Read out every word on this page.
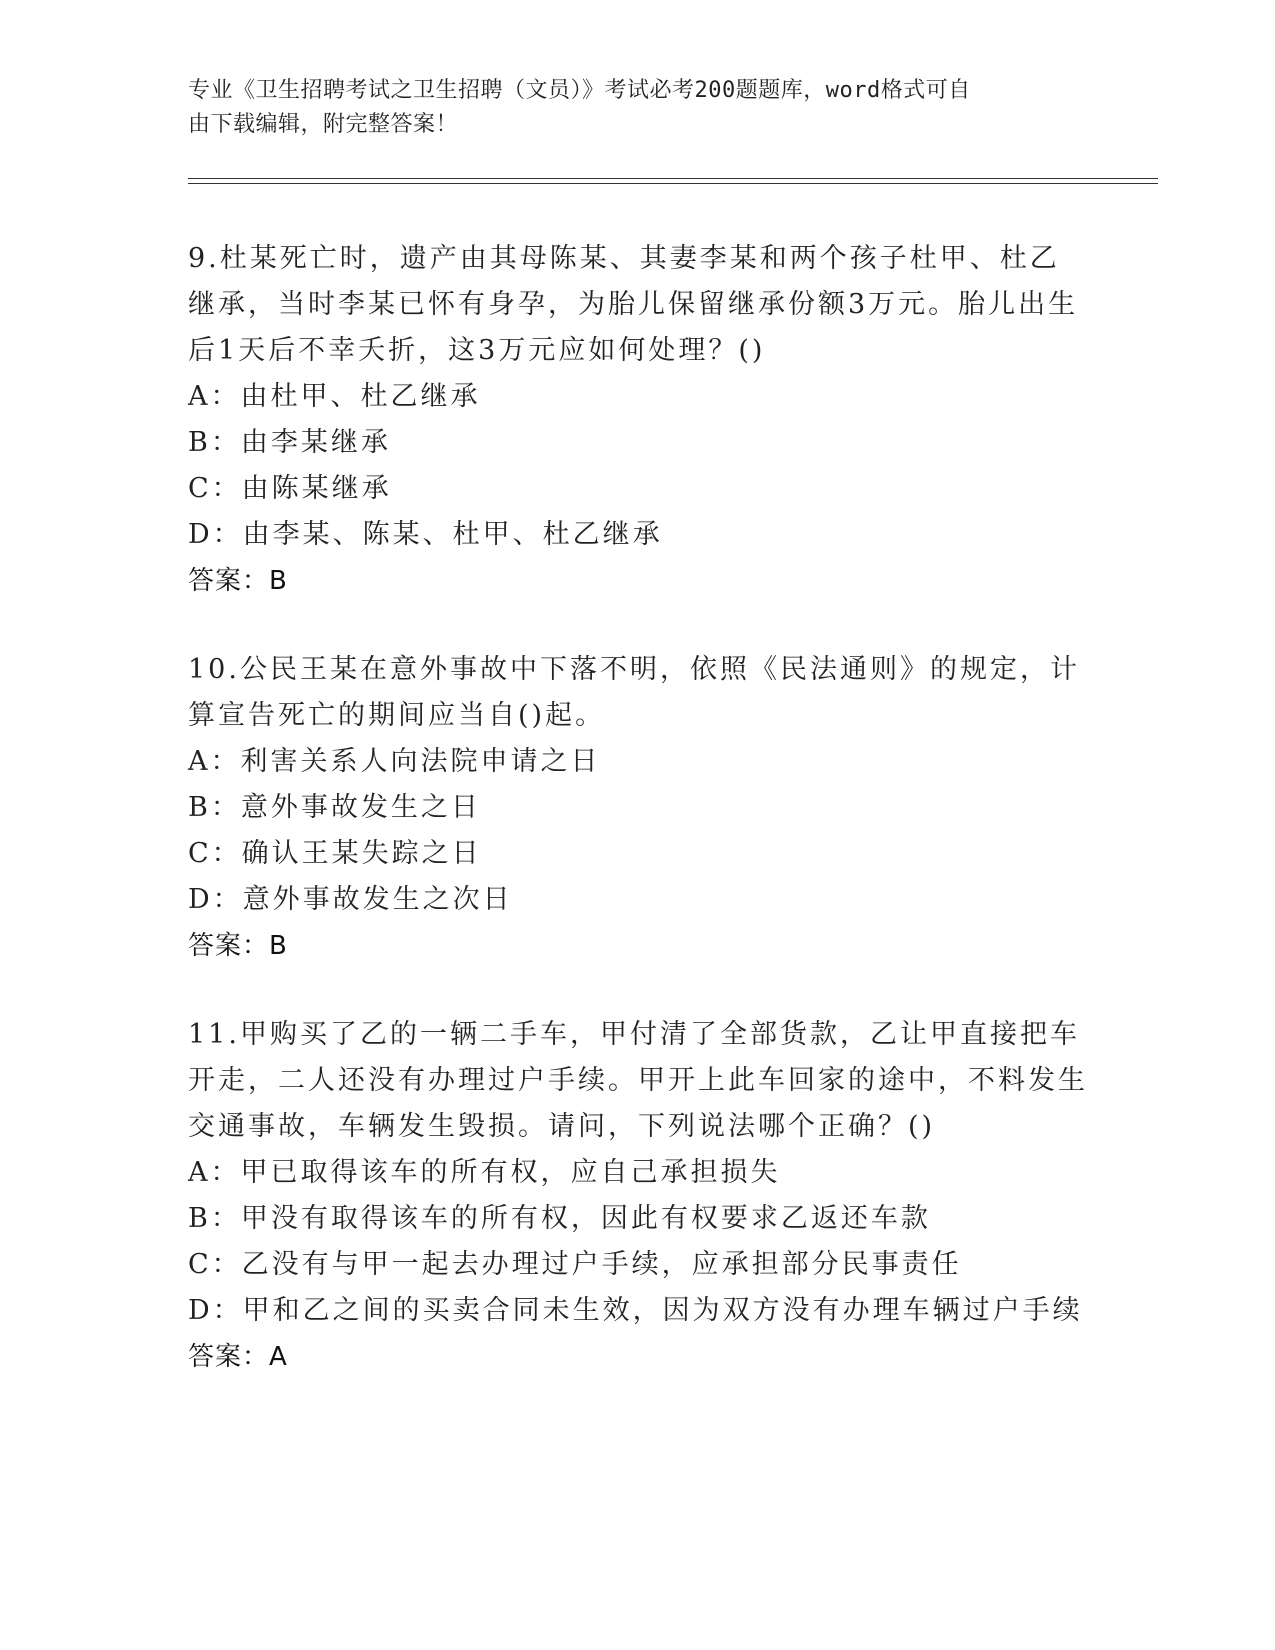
专业《卫生招聘考试之卫生招聘（文员）》考试必考200题题库，word格式可自
由下载编辑，附完整答案！

9.杜某死亡时，遗产由其母陈某、其妻李某和两个孩子杜甲、杜乙继承，当时李某已怀有身孕，为胎儿保留继承份额3万元。胎儿出生后1天后不幸夭折，这3万元应如何处理？()

A：由杜甲、杜乙继承

B：由李某继承

C：由陈某继承

D：由李某、陈某、杜甲、杜乙继承

答案：B

10.公民王某在意外事故中下落不明，依照《民法通则》的规定，计算宣告死亡的期间应当自()起。

A：利害关系人向法院申请之日

B：意外事故发生之日

C：确认王某失踪之日

D：意外事故发生之次日

答案：B

11.甲购买了乙的一辆二手车，甲付清了全部货款，乙让甲直接把车开走，二人还没有办理过户手续。甲开上此车回家的途中，不料发生交通事故，车辆发生毁损。请问，下列说法哪个正确？()

A：甲已取得该车的所有权，应自己承担损失

B：甲没有取得该车的所有权，因此有权要求乙返还车款

C：乙没有与甲一起去办理过户手续，应承担部分民事责任

D：甲和乙之间的买卖合同未生效，因为双方没有办理车辆过户手续

答案：A
